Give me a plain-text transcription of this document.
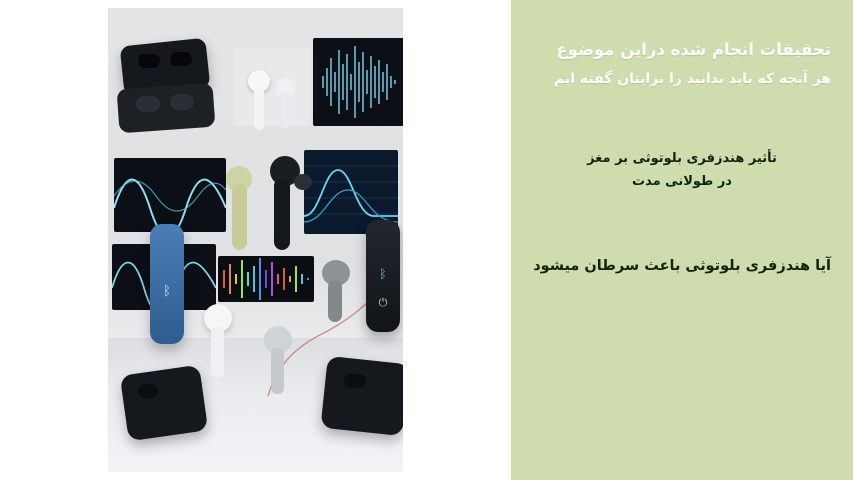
ᛒ
ᛒ
⏻
تحقیقات انجام شده دراین موضوع
هر آنچه که باید بدانید را برایتان گفته ایم
تأثیر هندزفری بلوتوثی بر مغز
در طولانی مدت
آیا هندزفری بلوتوثی باعث سرطان میشود
